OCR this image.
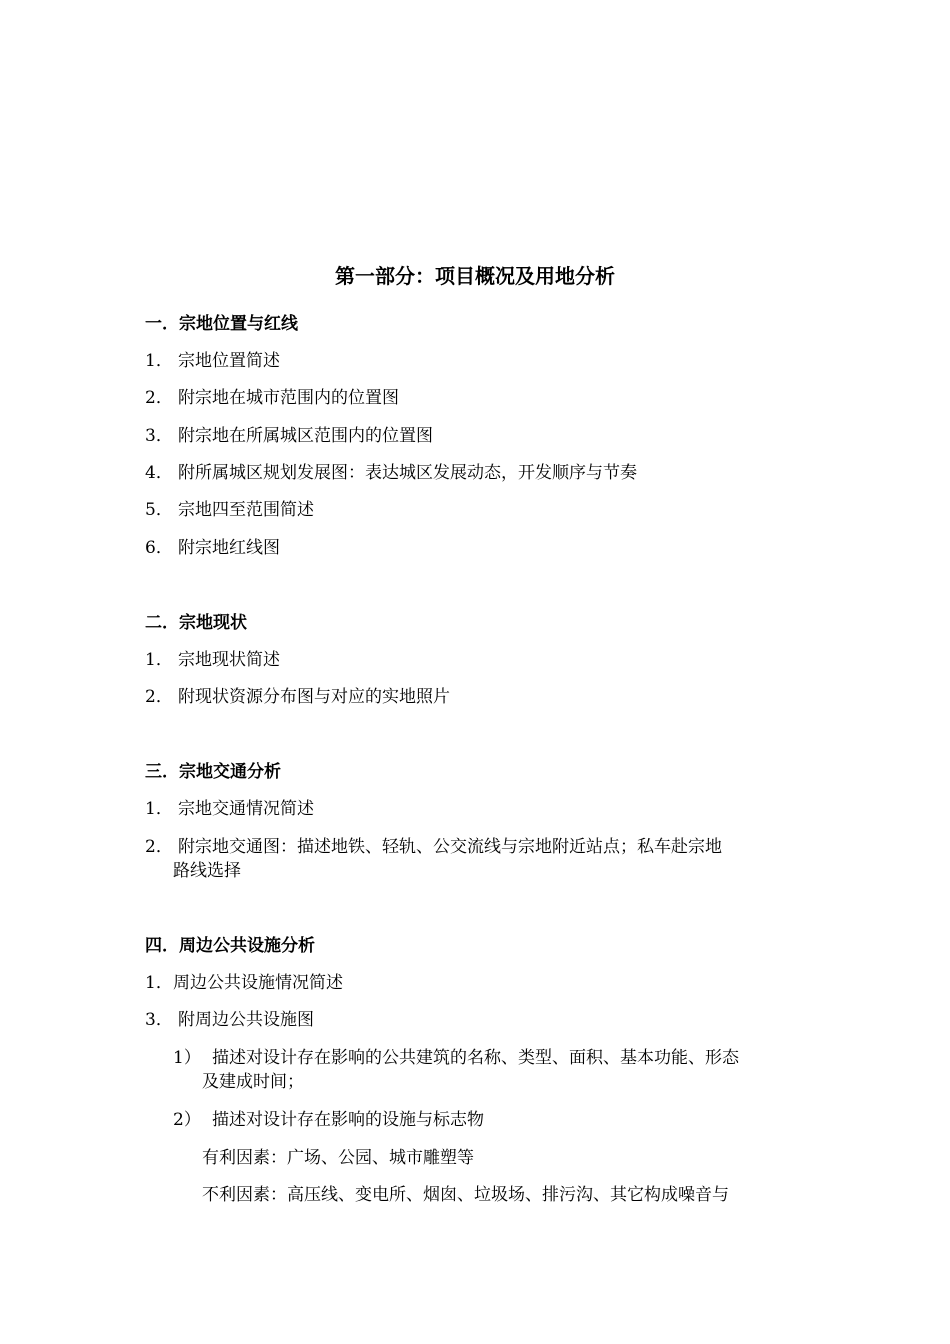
第一部分：项目概况及用地分析
一．宗地位置与红线
1． 宗地位置简述
2． 附宗地在城市范围内的位置图
3． 附宗地在所属城区范围内的位置图
4． 附所属城区规划发展图：表达城区发展动态，开发顺序与节奏
5． 宗地四至范围简述
6． 附宗地红线图
二．宗地现状
1． 宗地现状简述
2． 附现状资源分布图与对应的实地照片
三．宗地交通分析
1． 宗地交通情况简述
2． 附宗地交通图：描述地铁、轻轨、公交流线与宗地附近站点；私车赴宗地
路线选择
四．周边公共设施分析
1．周边公共设施情况简述
3． 附周边公共设施图
1） 描述对设计存在影响的公共建筑的名称、类型、面积、基本功能、形态
及建成时间；
2） 描述对设计存在影响的设施与标志物
有利因素：广场、公园、城市雕塑等
不利因素：高压线、变电所、烟囱、垃圾场、排污沟、其它构成噪音与
